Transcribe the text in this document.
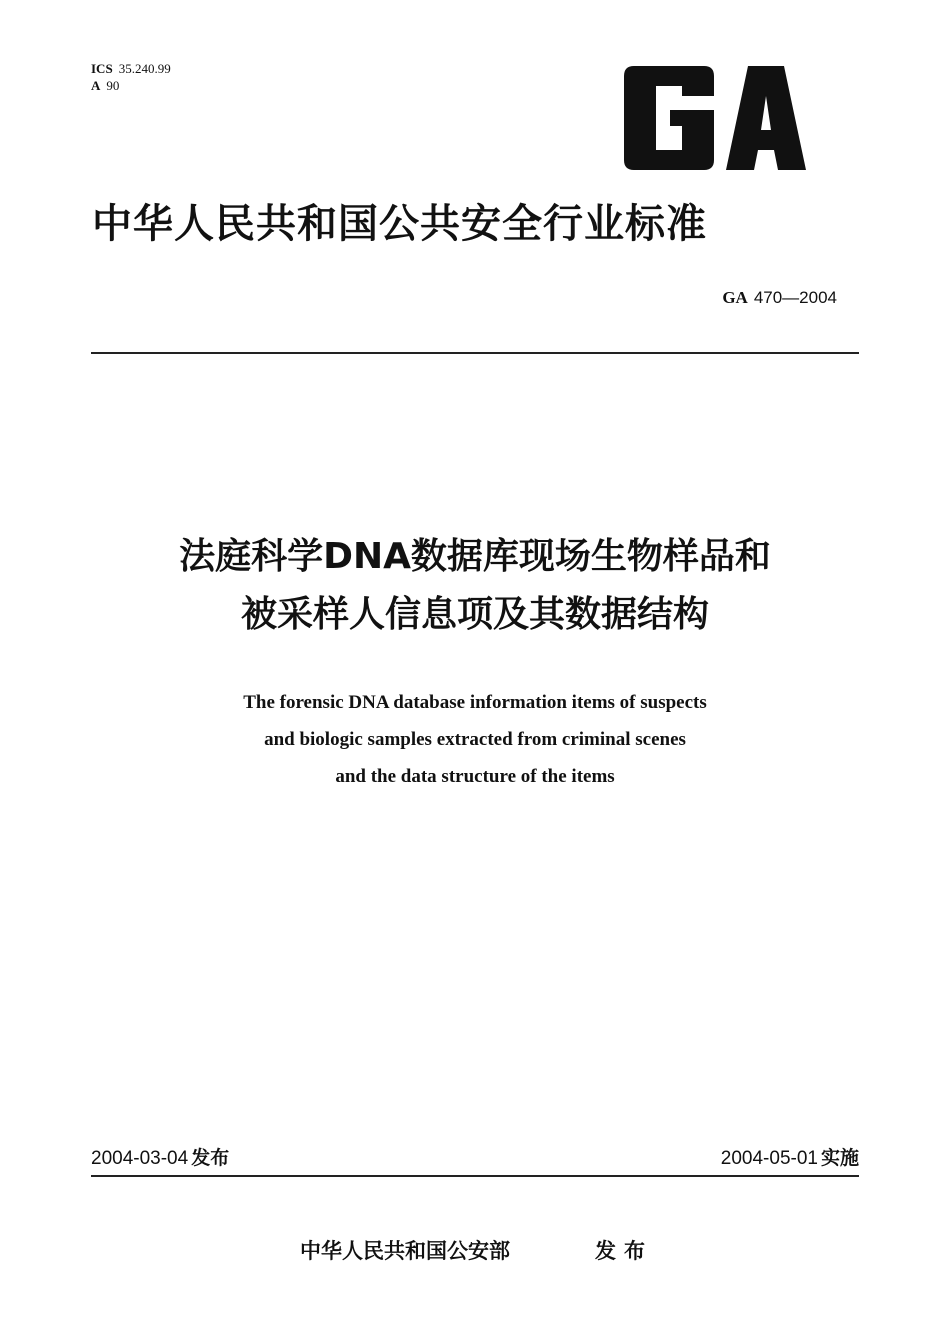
ICS 35.240.99
A 90
中华人民共和国公共安全行业标准
GA 470—2004
法庭科学DNA数据库现场生物样品和
被采样人信息项及其数据结构
The forensic DNA database information items of suspects
and biologic samples extracted from criminal scenes
and the data structure of the items
2004-03-04 发布	2004-05-01 实施
中华人民共和国公安部	发布
